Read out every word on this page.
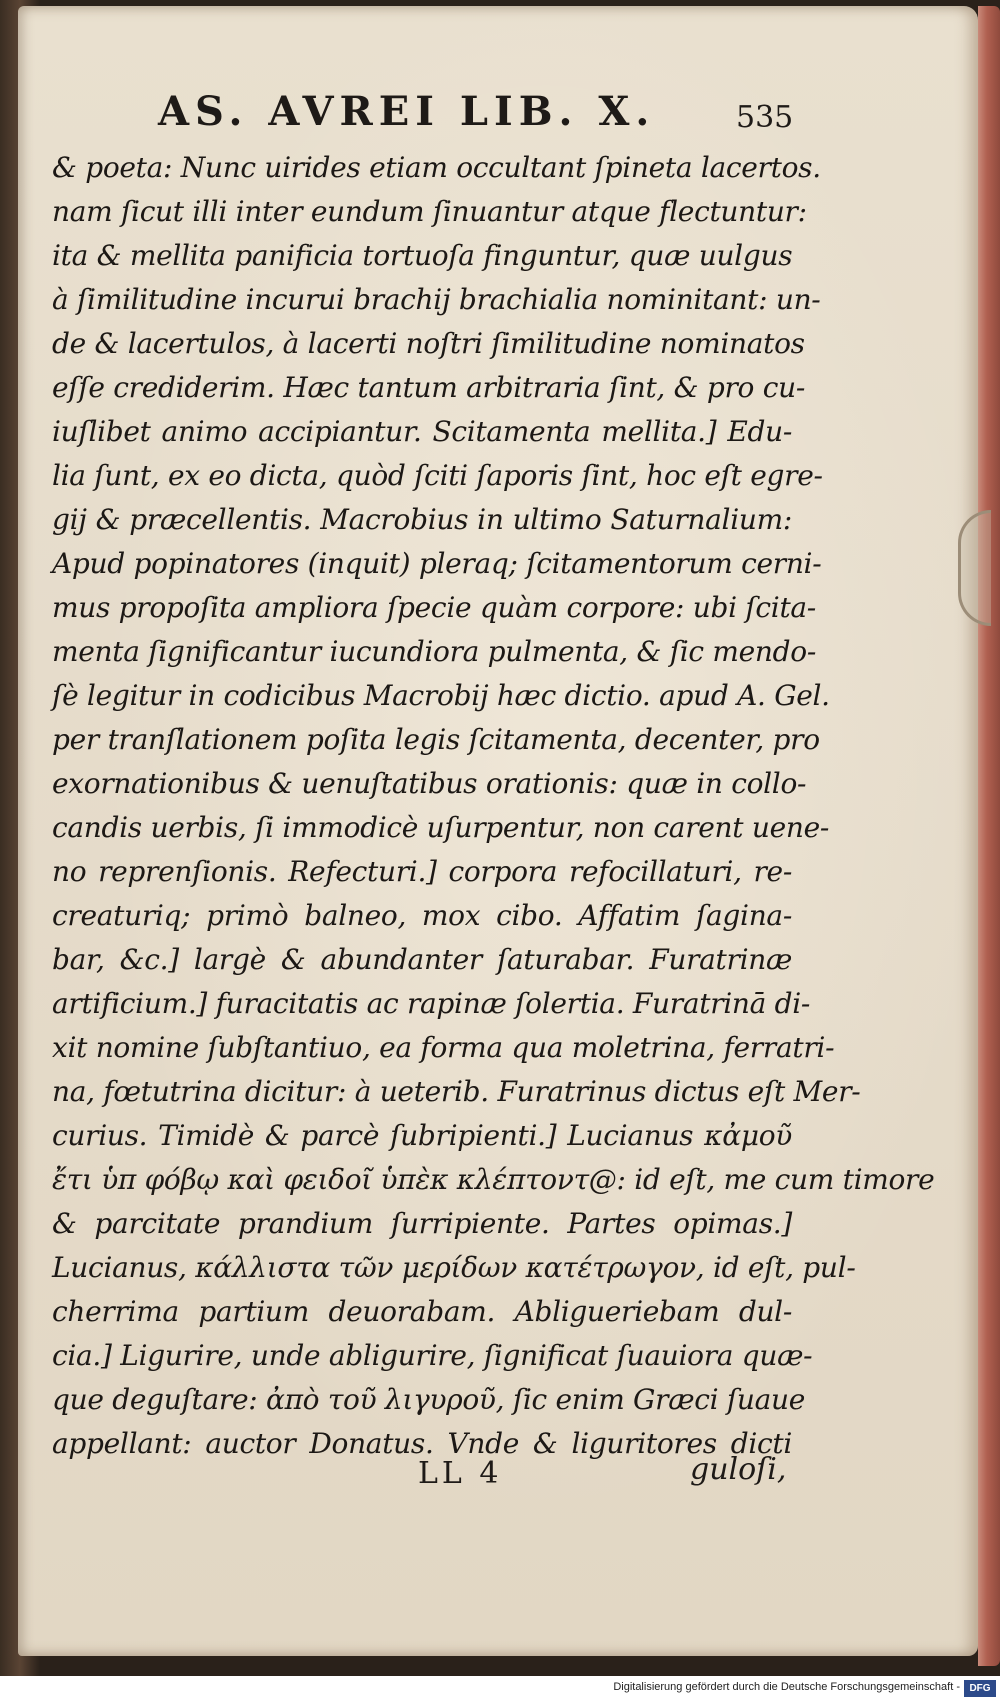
AS. AVREI LIB. X.	535
& poeta: Nunc uirides etiam occultant ſpineta lacertos.
nam ſicut illi inter eundum ſinuantur atque flectuntur:
ita & mellita panificia tortuoſa finguntur, quæ uulgus
à ſimilitudine incurui brachij brachialia nominitant: un-
de & lacertulos, à lacerti noſtri ſimilitudine nominatos
eſſe crediderim. Hæc tantum arbitraria ſint, & pro cu-
iuſlibet animo accipiantur. Scitamenta mellita.] Edu-
lia ſunt, ex eo dicta, quòd ſciti ſaporis ſint, hoc eſt egre-
gij & præcellentis. Macrobius in ultimo Saturnalium:
Apud popinatores (inquit) pleraq; ſcitamentorum cerni-
mus propoſita ampliora ſpecie quàm corpore: ubi ſcita-
menta ſignificantur iucundiora pulmenta, & ſic mendo-
ſè legitur in codicibus Macrobij hæc dictio. apud A. Gel.
per tranſlationem poſita legis ſcitamenta, decenter, pro
exornationibus & uenuſtatibus orationis: quæ in collo-
candis uerbis, ſi immodicè uſurpentur, non carent uene-
no reprenſionis. Refecturi.] corpora refocillaturi, re-
creaturiq; primò balneo, mox cibo. Affatim ſagina-
bar, &c.] largè & abundanter ſaturabar. Furatrinæ
artificium.] furacitatis ac rapinæ ſolertia. Furatrinā di-
xit nomine ſubſtantiuo, ea forma qua moletrina, ferratri-
na, fœtutrina dicitur: à ueterib. Furatrinus dictus eſt Mer-
curius. Timidè & parcè ſubripienti.] Lucianus κἀμοῦ
ἔτι ὑπ φόβῳ καὶ φειδοῖ ὑπὲκ κλέπτοντ@: id eſt, me cum timore
& parcitate prandium ſurripiente. Partes opimas.]
Lucianus, κάλλιστα τῶν μερίδων κατέτρωγον, id eſt, pul-
cherrima partium deuorabam. Abligueriebam dul-
cia.] Ligurire, unde abligurire, ſignificat ſuauiora quæ-
que deguſtare: ἀπὸ τοῦ λιγυροῦ, ſic enim Græci ſuaue
appellant: auctor Donatus. Vnde & liguritores dicti
LL 4	guloſi,
Digitalisierung gefördert durch die Deutsche Forschungsgemeinschaft - DFG
